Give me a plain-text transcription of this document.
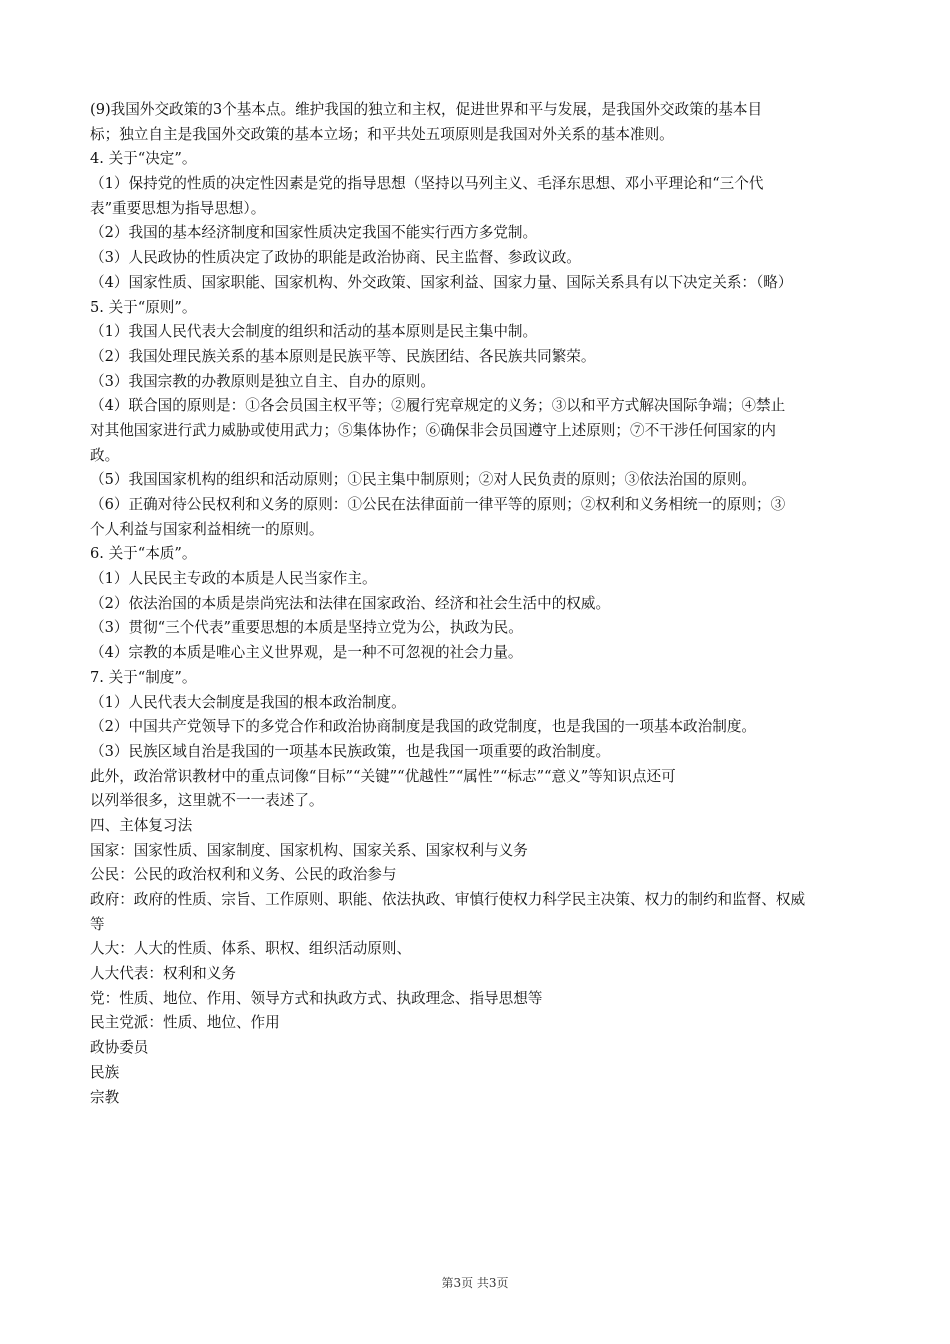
(9)我国外交政策的3个基本点。维护我国的独立和主权，促进世界和平与发展，是我国外交政策的基本目
标；独立自主是我国外交政策的基本立场；和平共处五项原则是我国对外关系的基本准则。
4. 关于“决定”。
（1）保持党的性质的决定性因素是党的指导思想（坚持以马列主义、毛泽东思想、邓小平理论和“三个代
表”重要思想为指导思想）。
（2）我国的基本经济制度和国家性质决定我国不能实行西方多党制。
（3）人民政协的性质决定了政协的职能是政治协商、民主监督、参政议政。
（4）国家性质、国家职能、国家机构、外交政策、国家利益、国家力量、国际关系具有以下决定关系：（略）
5. 关于“原则”。
（1）我国人民代表大会制度的组织和活动的基本原则是民主集中制。
（2）我国处理民族关系的基本原则是民族平等、民族团结、各民族共同繁荣。
（3）我国宗教的办教原则是独立自主、自办的原则。
（4）联合国的原则是：①各会员国主权平等；②履行宪章规定的义务；③以和平方式解决国际争端；④禁止
对其他国家进行武力威胁或使用武力；⑤集体协作；⑥确保非会员国遵守上述原则；⑦不干涉任何国家的内
政。
（5）我国国家机构的组织和活动原则；①民主集中制原则；②对人民负责的原则；③依法治国的原则。
（6）正确对待公民权利和义务的原则：①公民在法律面前一律平等的原则；②权利和义务相统一的原则；③
个人利益与国家利益相统一的原则。
6. 关于“本质”。
（1）人民民主专政的本质是人民当家作主。
（2）依法治国的本质是崇尚宪法和法律在国家政治、经济和社会生活中的权威。
（3）贯彻“三个代表”重要思想的本质是坚持立党为公，执政为民。
（4）宗教的本质是唯心主义世界观，是一种不可忽视的社会力量。
7. 关于“制度”。
（1）人民代表大会制度是我国的根本政治制度。
（2）中国共产党领导下的多党合作和政治协商制度是我国的政党制度，也是我国的一项基本政治制度。
（3）民族区域自治是我国的一项基本民族政策，也是我国一项重要的政治制度。
此外，政治常识教材中的重点词像“目标”“关键”“优越性”“属性”“标志”“意义”等知识点还可
以列举很多，这里就不一一表述了。
四、主体复习法
国家：国家性质、国家制度、国家机构、国家关系、国家权利与义务
公民：公民的政治权利和义务、公民的政治参与
政府：政府的性质、宗旨、工作原则、职能、依法执政、审慎行使权力科学民主决策、权力的制约和监督、权威
等
人大：人大的性质、体系、职权、组织活动原则、
人大代表：权利和义务
党：性质、地位、作用、领导方式和执政方式、执政理念、指导思想等
民主党派：性质、地位、作用
政协委员
民族
宗教
第3页 共3页
